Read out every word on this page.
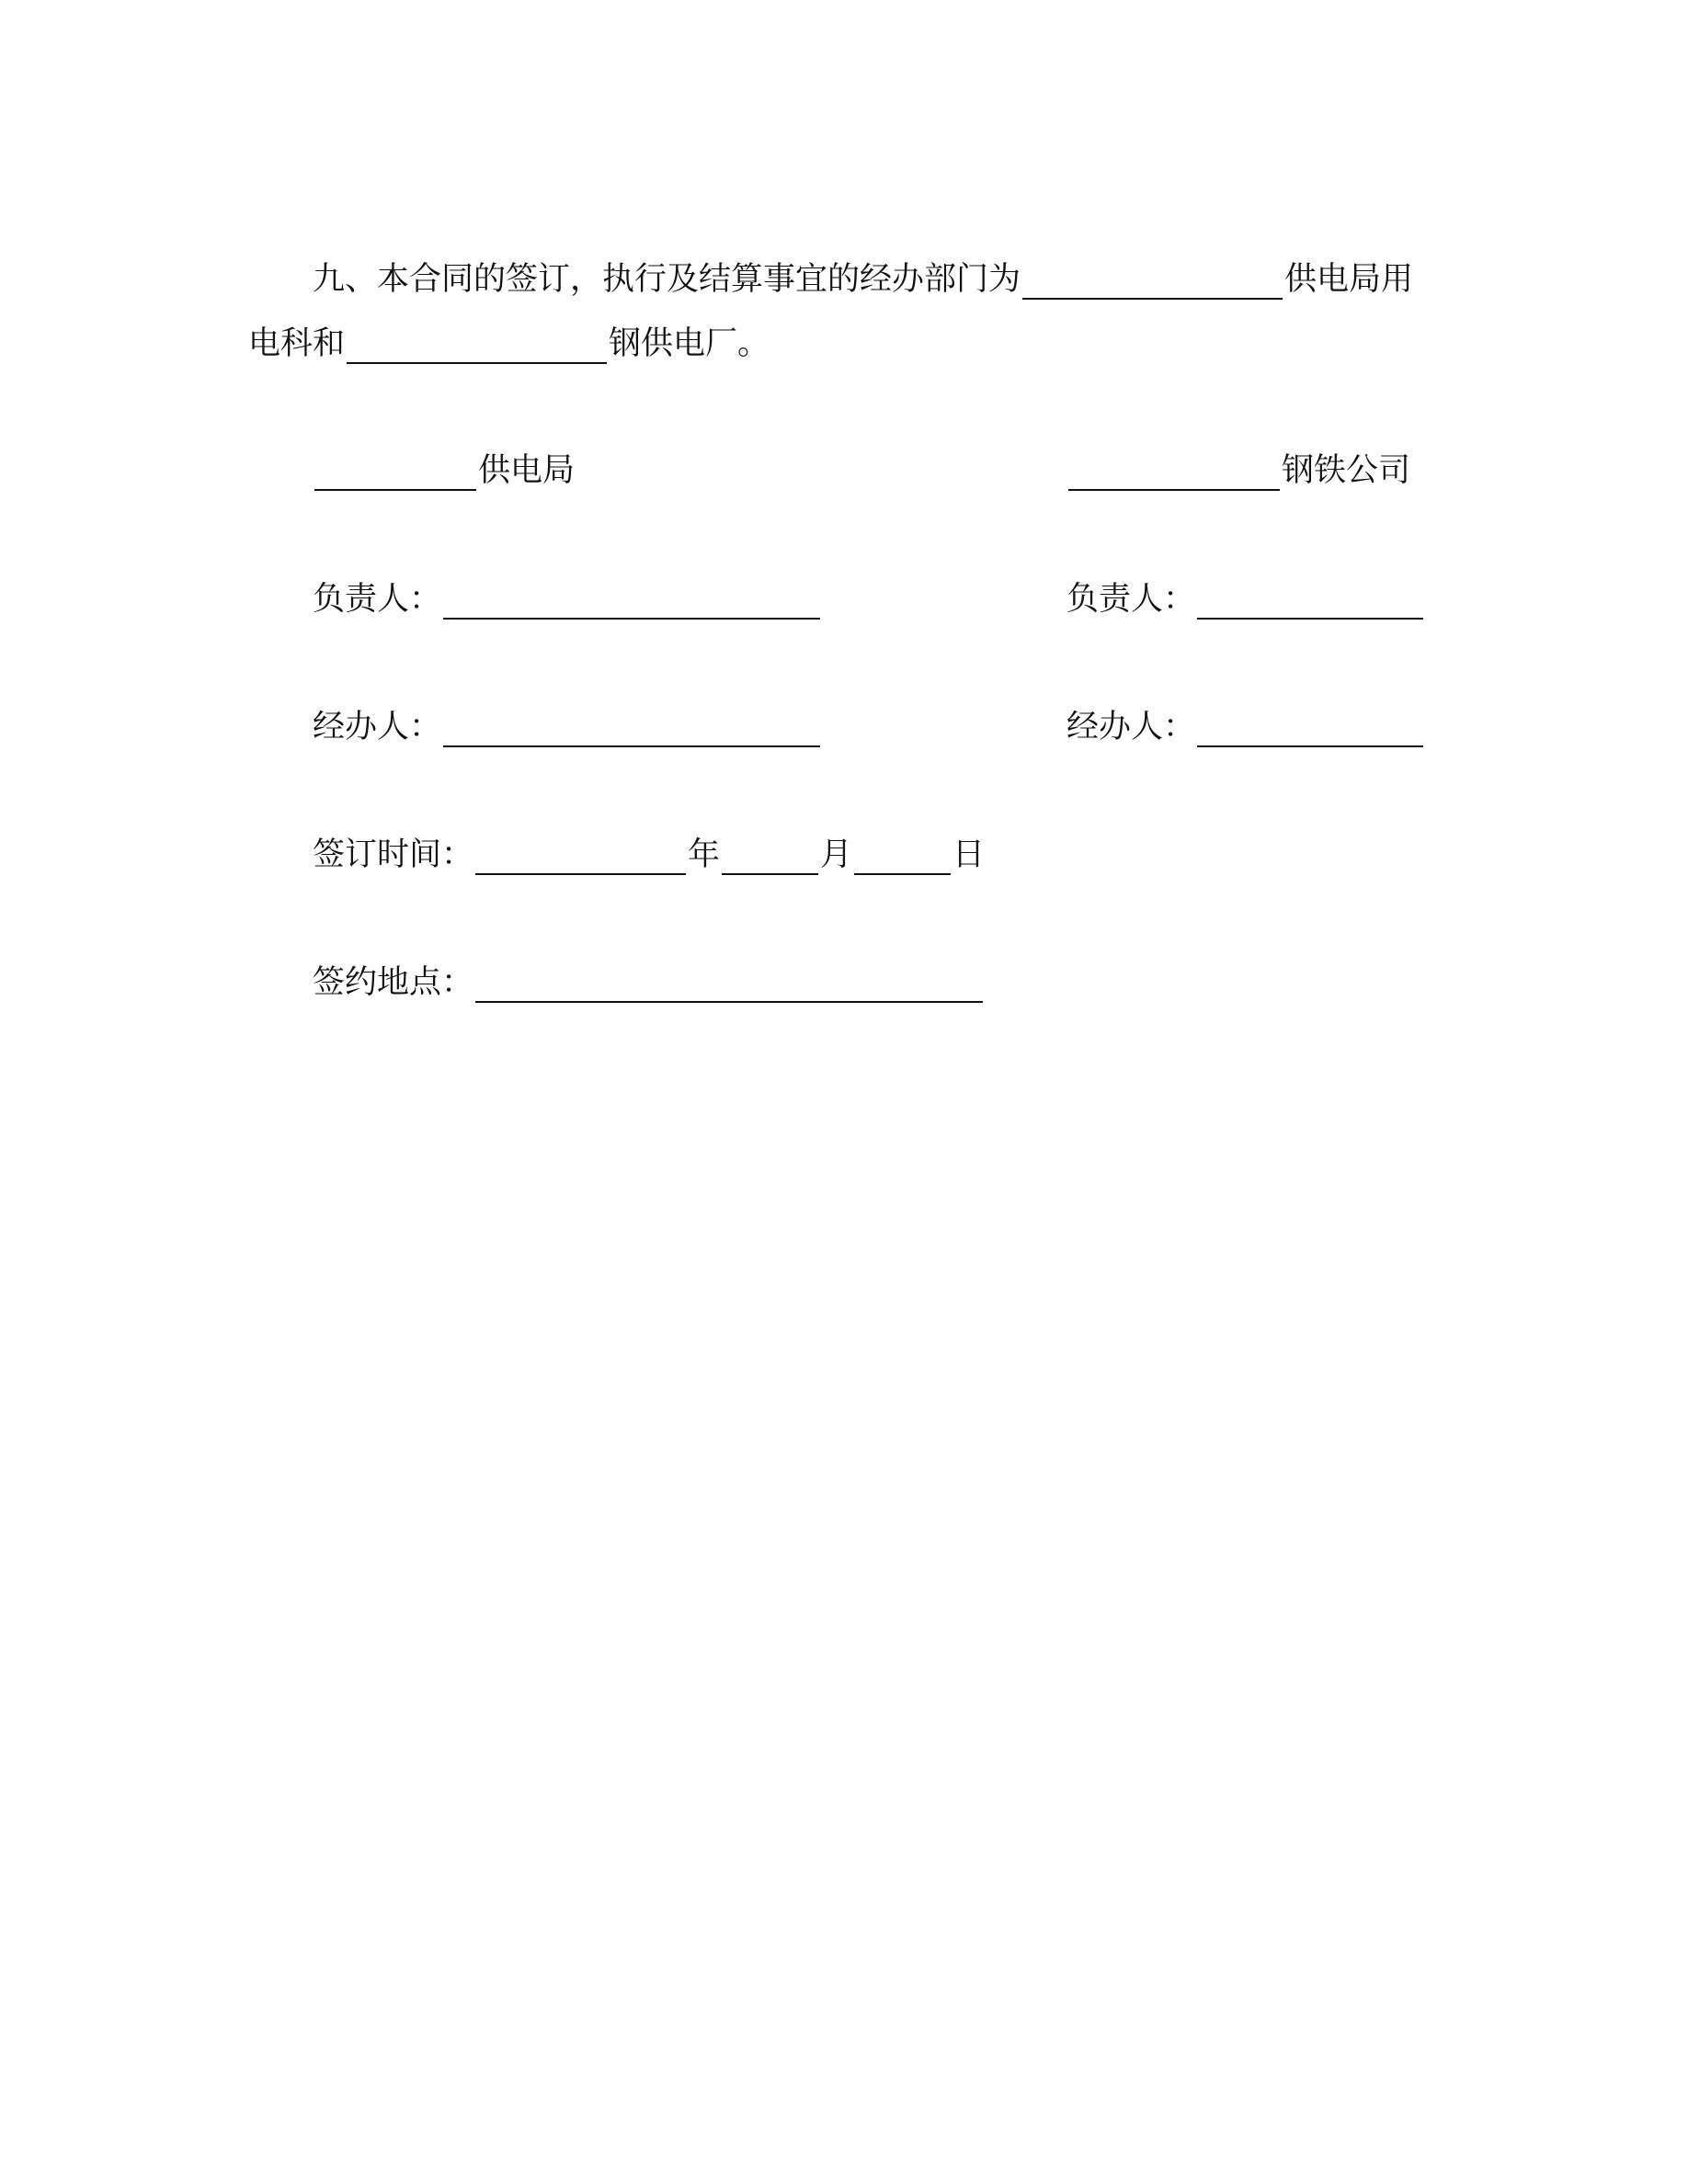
九、本合同的签订，执行及结算事宜的经办部门为	供电局用
电科和	钢供电厂。
供电局	钢铁公司
负责人：	负责人：
经办人：	经办人：
签订时间：	年	月	日
签约地点：
